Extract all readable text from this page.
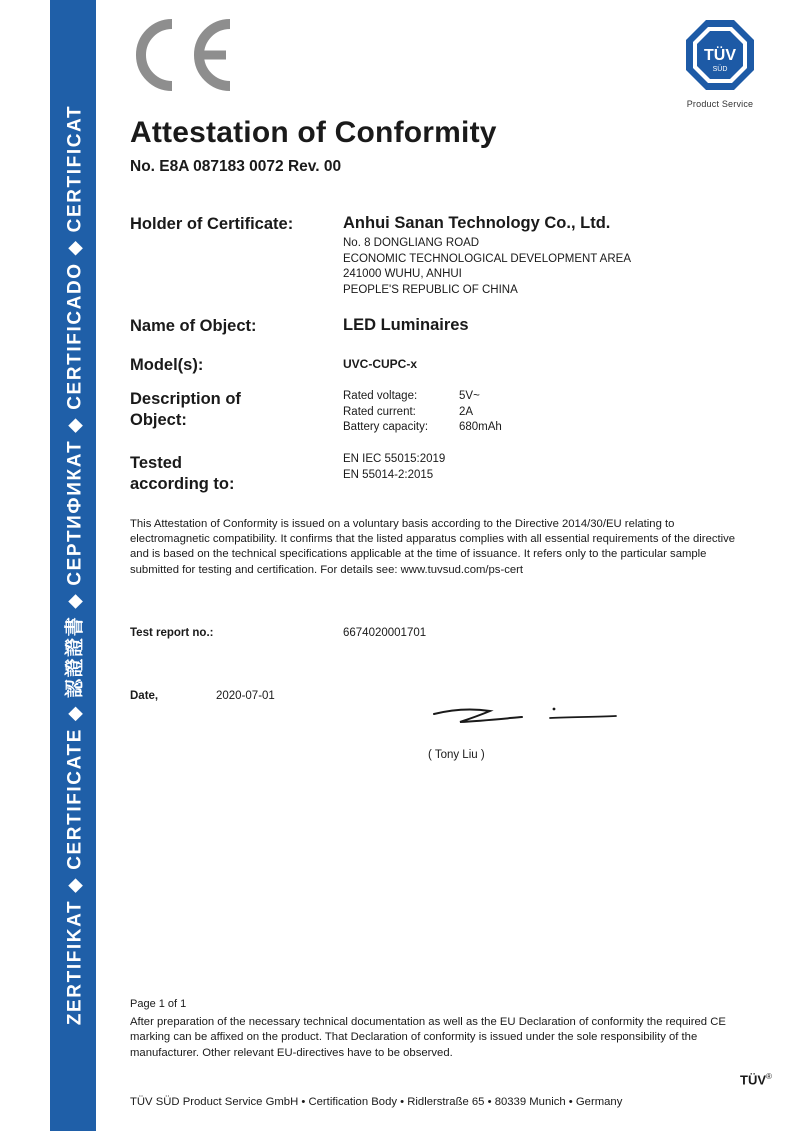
ZERTIFIKAT ◆ CERTIFICATE ◆ 認證證書 ◆ СЕРТИФИКАТ ◆ CERTIFICADO ◆ CERTIFICAT
TÜV
SÜD
Product Service
Attestation of Conformity
No. E8A 087183 0072 Rev. 00
Holder of Certificate:	Anhui Sanan Technology Co., Ltd.
No. 8 DONGLIANG ROAD
ECONOMIC TECHNOLOGICAL DEVELOPMENT AREA
241000 WUHU, ANHUI
PEOPLE'S REPUBLIC OF CHINA
Name of Object:	LED Luminaires
Model(s):	UVC-CUPC-x
Description of
Object:
Rated voltage:	5V~
Rated current:	2A
Battery capacity:	680mAh
Tested
according to:
EN IEC 55015:2019
EN 55014-2:2015

This Attestation of Conformity is issued on a voluntary basis according to the Directive 2014/30/EU relating to electromagnetic compatibility. It confirms that the listed apparatus complies with all essential requirements of the directive and is based on the technical specifications applicable at the time of issuance. It refers only to the particular sample submitted for testing and certification. For details see: www.tuvsud.com/ps-cert

Test report no.:	6674020001701
Date,	2020-07-01
( Tony Liu )
Page 1 of 1

After preparation of the necessary technical documentation as well as the EU Declaration of conformity the required CE marking can be affixed on the product. That Declaration of conformity is issued under the sole responsibility of the manufacturer. Other relevant EU-directives have to be observed.

TÜV®
TÜV SÜD Product Service GmbH • Certification Body • Ridlerstraße 65 • 80339 Munich • Germany
